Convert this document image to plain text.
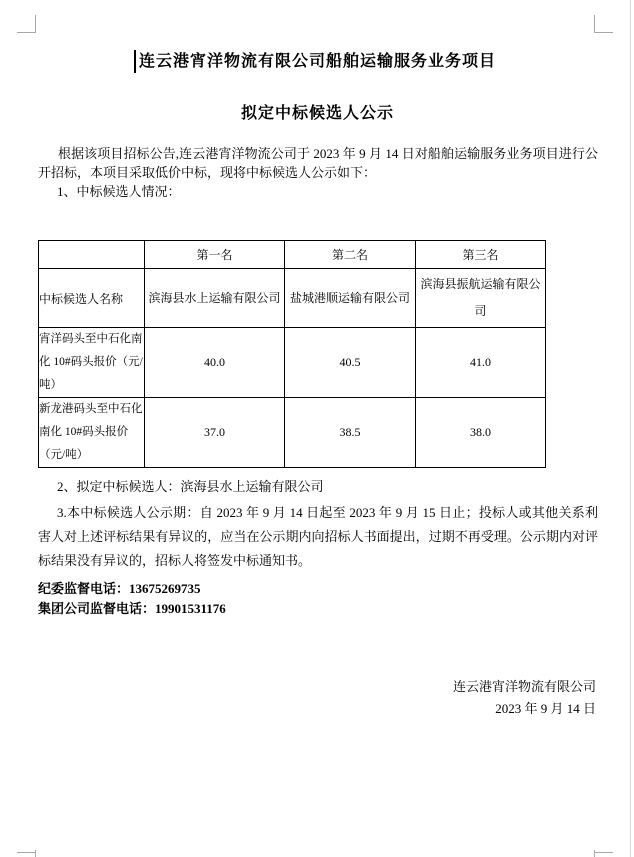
连云港宵洋物流有限公司船舶运输服务业务项目
拟定中标候选人公示
根据该项目招标公告,连云港宵洋物流公司于 2023 年 9 月 14 日对船舶运输服务业务项目进行公开招标，本项目采取低价中标，现将中标候选人公示如下：
1、中标候选人情况：
	第一名	第二名	第三名
中标候选人名称	滨海县水上运输有限公司	盐城港顺运输有限公司	滨海县振航运输有限公司
宵洋码头至中石化南化 10#码头报价（元/吨）	40.0	40.5	41.0
新龙港码头至中石化南化 10#码头报价（元/吨）	37.0	38.5	38.0
2、拟定中标候选人：滨海县水上运输有限公司
3.本中标候选人公示期：自 2023 年 9 月 14 日起至 2023 年 9 月 15 日止；投标人或其他关系利害人对上述评标结果有异议的，应当在公示期内向招标人书面提出，过期不再受理。公示期内对评标结果没有异议的，招标人将签发中标通知书。
纪委监督电话：13675269735
集团公司监督电话：19901531176
连云港宵洋物流有限公司
2023 年 9 月 14 日
